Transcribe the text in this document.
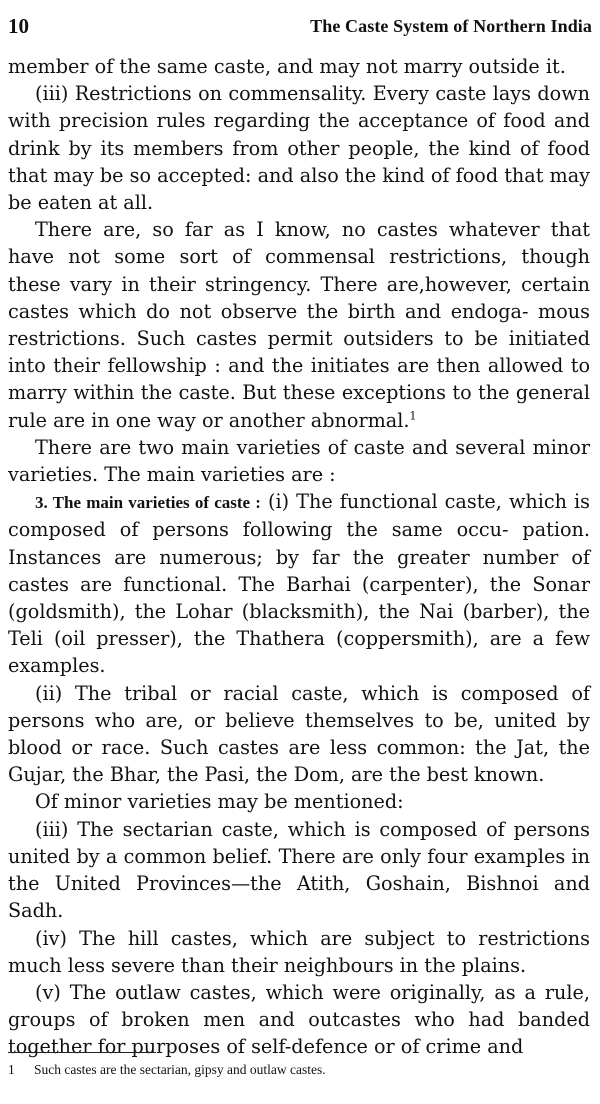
10	The Caste System of Northern India

member of the same caste, and may not marry outside it.

(iii) Restrictions on commensality. Every caste lays down with precision rules regarding the acceptance of food and drink by its members from other people, the kind of food that may be so accepted: and also the kind of food that may be eaten at all.

There are, so far as I know, no castes whatever that have not some sort of commensal restrictions, though these vary in their stringency. There are,however, certain castes which do not observe the birth and endoga- mous restrictions. Such castes permit outsiders to be initiated into their fellowship : and the initiates are then allowed to marry within the caste. But these exceptions to the general rule are in one way or another abnormal.$^1$

There are two main varieties of caste and several minor varieties. The main varieties are :

3. The main varieties of caste : (i) The functional caste, which is composed of persons following the same occu- pation. Instances are numerous; by far the greater number of castes are functional. The Barhai (carpenter), the Sonar (goldsmith), the Lohar (blacksmith), the Nai (barber), the Teli (oil presser), the Thathera (coppersmith), are a few examples.

(ii) The tribal or racial caste, which is composed of persons who are, or believe themselves to be, united by blood or race. Such castes are less common: the Jat, the Gujar, the Bhar, the Pasi, the Dom, are the best known.

Of minor varieties may be mentioned:

(iii) The sectarian caste, which is composed of persons united by a common belief. There are only four examples in the United Provinces—the Atith, Goshain, Bishnoi and Sadh.

(iv) The hill castes, which are subject to restrictions much less severe than their neighbours in the plains.

(v) The outlaw castes, which were originally, as a rule, groups of broken men and outcastes who had banded together for purposes of self-defence or of crime and

1 Such castes are the sectarian, gipsy and outlaw castes.
